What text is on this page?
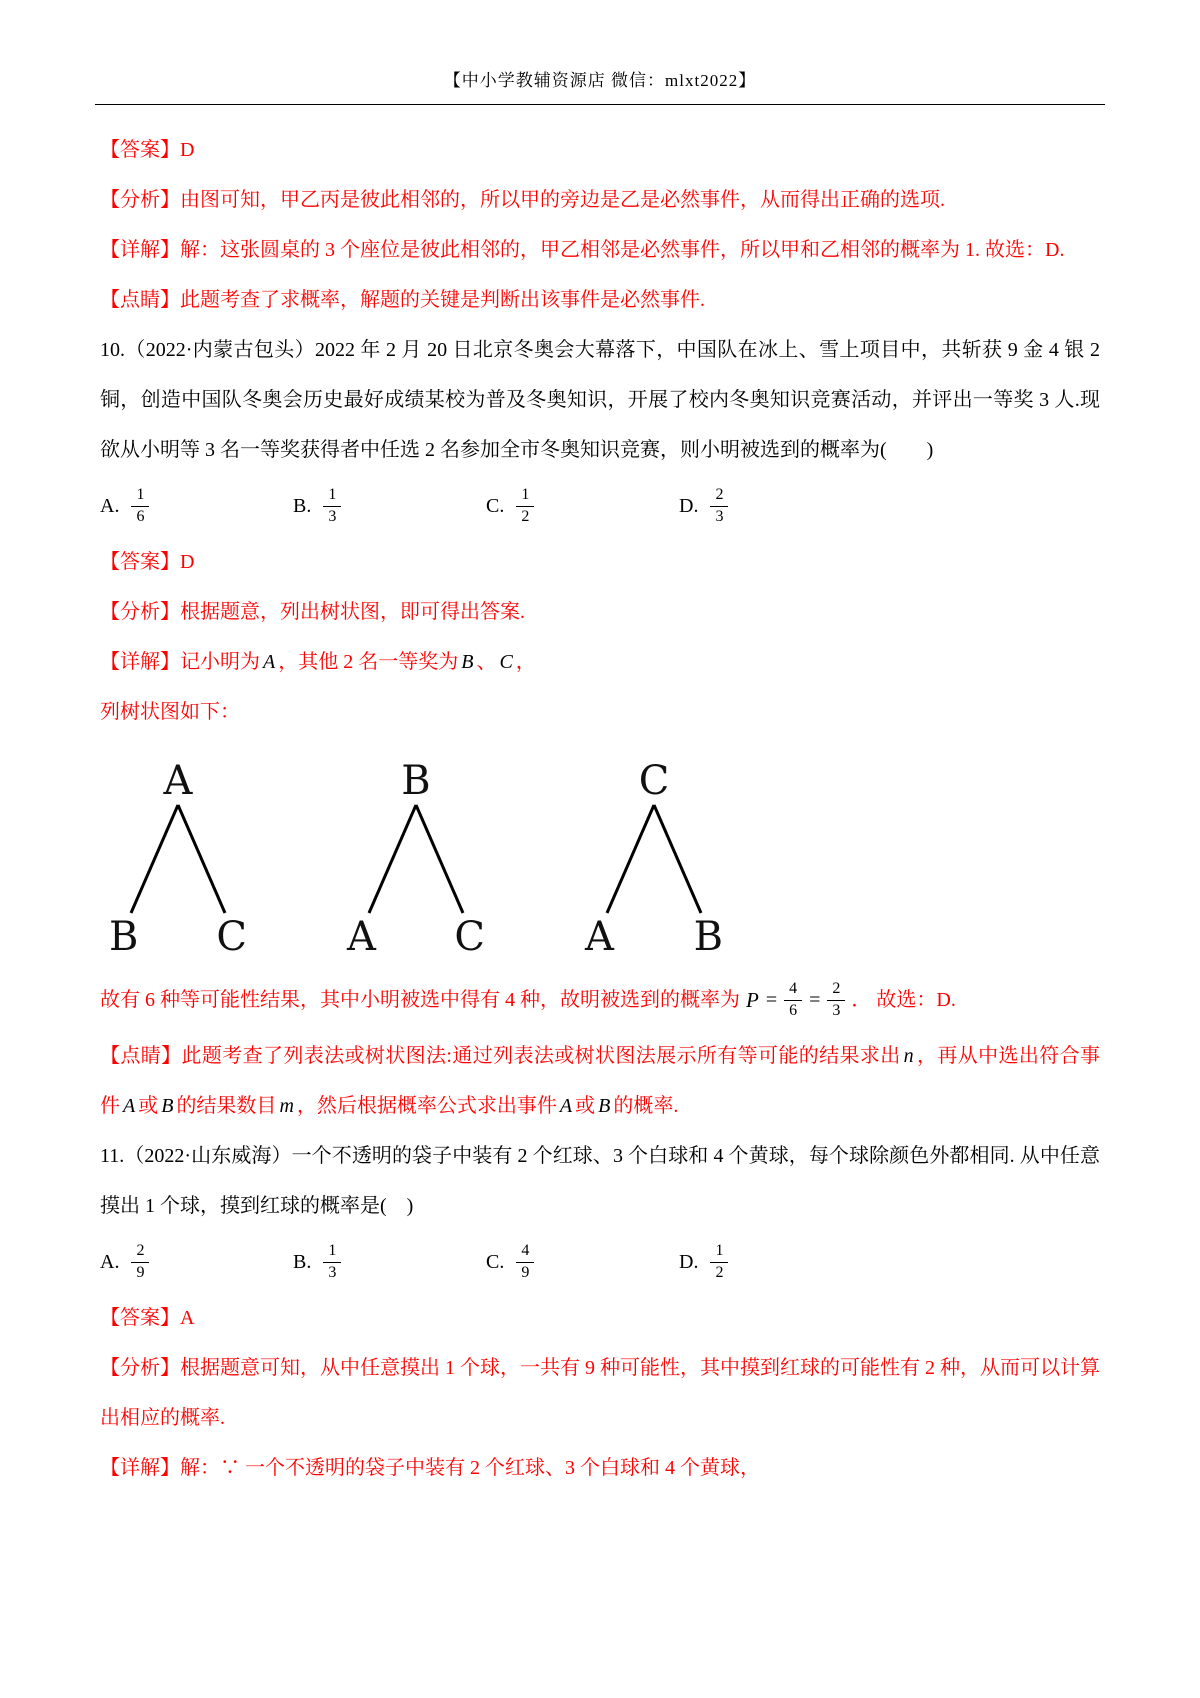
【中小学教辅资源店 微信：mlxt2022】

【答案】D

【分析】由图可知，甲乙丙是彼此相邻的，所以甲的旁边是乙是必然事件，从而得出正确的选项.

【详解】解：这张圆桌的 3 个座位是彼此相邻的，甲乙相邻是必然事件，所以甲和乙相邻的概率为 1. 故选：D.

【点睛】此题考查了求概率，解题的关键是判断出该事件是必然事件.

10.（2022·内蒙古包头）2022 年 2 月 20 日北京冬奥会大幕落下，中国队在冰上、雪上项目中，共斩获 9 金 4 银 2 铜，创造中国队冬奥会历史最好成绩某校为普及冬奥知识，开展了校内冬奥知识竞赛活动，并评出一等奖 3 人.现欲从小明等 3 名一等奖获得者中任选 2 名参加全市冬奥知识竞赛，则小明被选到的概率为(　　)

A. $\frac{1}{6}$	B. $\frac{1}{3}$	C. $\frac{1}{2}$	D. $\frac{2}{3}$

【答案】D

【分析】根据题意，列出树状图，即可得出答案.

【详解】记小明为 A ，其他 2 名一等奖为 B 、 C ，

列树状图如下：

A
B C
B
A C
C
A B

故有 6 种等可能性结果，其中小明被选中得有 4 种，故明被选到的概率为 $P = \frac{4}{6} = \frac{2}{3}$ ． 故选：D.

【点睛】此题考查了列表法或树状图法:通过列表法或树状图法展示所有等可能的结果求出 n ，再从中选出符合事件 A 或 B 的结果数目 m ，然后根据概率公式求出事件 A 或 B 的概率.

11.（2022·山东威海）一个不透明的袋子中装有 2 个红球、3 个白球和 4 个黄球，每个球除颜色外都相同. 从中任意摸出 1 个球，摸到红球的概率是(　)

A. $\frac{2}{9}$	B. $\frac{1}{3}$	C. $\frac{4}{9}$	D. $\frac{1}{2}$

【答案】A

【分析】根据题意可知，从中任意摸出 1 个球，一共有 9 种可能性，其中摸到红球的可能性有 2 种，从而可以计算出相应的概率.

【详解】解：∵ 一个不透明的袋子中装有 2 个红球、3 个白球和 4 个黄球，
